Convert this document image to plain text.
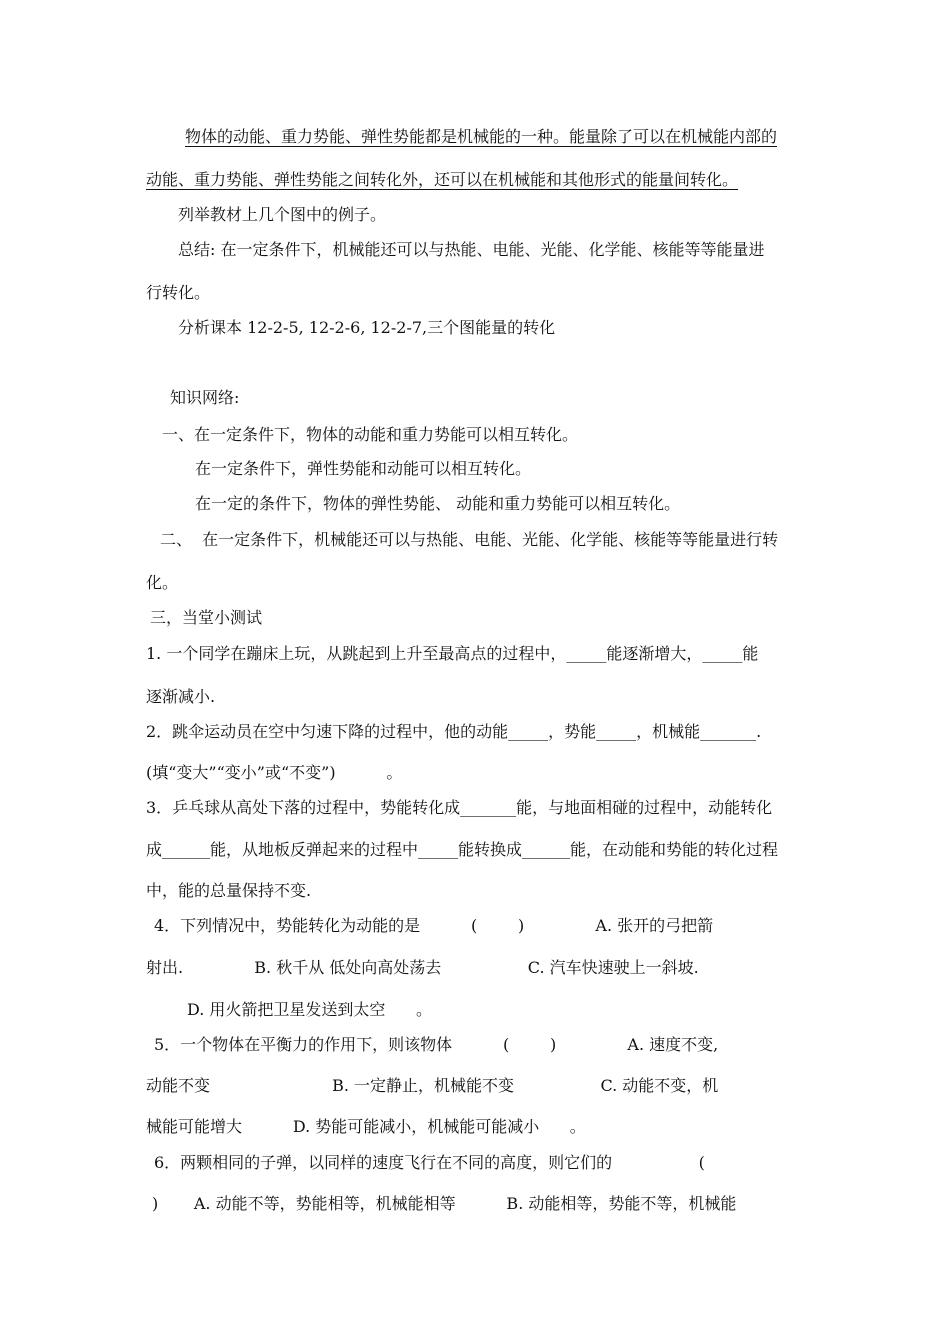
物体的动能、重力势能、弹性势能都是机械能的一种。能量除了可以在机械能内部的
动能、重力势能、弹性势能之间转化外，还可以在机械能和其他形式的能量间转化。
列举教材上几个图中的例子。
总结: 在一定条件下，机械能还可以与热能、电能、光能、化学能、核能等等能量进
行转化。
分析课本 12-2-5, 12-2-6, 12-2-7,三个图能量的转化
知识网络:
一、在一定条件下，物体的动能和重力势能可以相互转化。
在一定条件下，弹性势能和动能可以相互转化。
在一定的条件下，物体的弹性势能、 动能和重力势能可以相互转化。
二、  在一定条件下，机械能还可以与热能、电能、光能、化学能、核能等等能量进行转
化。
三，当堂小测试
1. 一个同学在蹦床上玩，从跳起到上升至最高点的过程中，_____能逐渐增大，_____能
逐渐减小.
2．跳伞运动员在空中匀速下降的过程中，他的动能_____，势能_____，机械能_______.
(填“变大”“变小”或“不变”)          。
3．乒乓球从高处下落的过程中，势能转化成_______能，与地面相碰的过程中，动能转化
成______能，从地板反弹起来的过程中_____能转换成______能，在动能和势能的转化过程
中，能的总量保持不变.
4．下列情况中，势能转化为动能的是          (        )              A. 张开的弓把箭
射出.              B. 秋千从 低处向高处荡去                 C. 汽车快速驶上一斜坡.
D. 用火箭把卫星发送到太空      。
5．一个物体在平衡力的作用下，则该物体          (        )              A. 速度不变,
动能不变                        B. 一定静止，机械能不变                 C. 动能不变，机
械能可能增大          D. 势能可能减小，机械能可能减小      。
6．两颗相同的子弹，以同样的速度飞行在不同的高度，则它们的                 (
)       A. 动能不等，势能相等，机械能相等          B. 动能相等，势能不等，机械能
